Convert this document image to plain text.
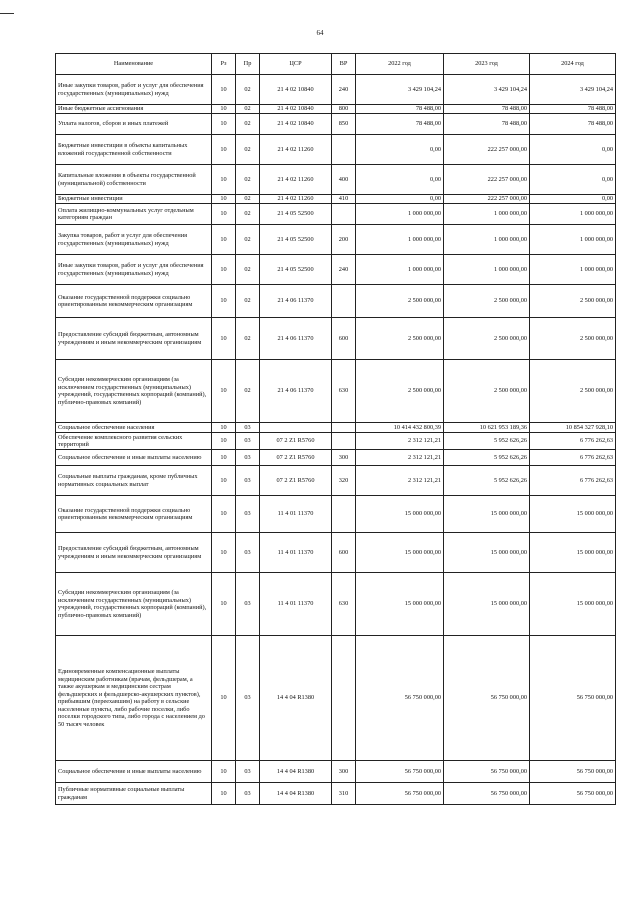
64
Наименование	Рз	Пр	ЦСР	ВР	2022 год	2023 год	2024 год
Иные закупки товаров, работ и услуг для обеспечения государственных (муниципальных) нужд	10	02	21 4 02 10840	240	3 429 104,24	3 429 104,24	3 429 104,24
Иные бюджетные ассигнования	10	02	21 4 02 10840	800	78 488,00	78 488,00	78 488,00
Уплата налогов, сборов и иных платежей	10	02	21 4 02 10840	850	78 488,00	78 488,00	78 488,00
Бюджетные инвестиции в объекты капитальных вложений государственной собственности	10	02	21 4 02 11260		0,00	222 257 000,00	0,00
Капитальные вложения в объекты государственной (муниципальной) собственности	10	02	21 4 02 11260	400	0,00	222 257 000,00	0,00
Бюджетные инвестиции	10	02	21 4 02 11260	410	0,00	222 257 000,00	0,00
Оплата жилищно-коммунальных услуг отдельным категориям граждан	10	02	21 4 05 52500		1 000 000,00	1 000 000,00	1 000 000,00
Закупка товаров, работ и услуг для обеспечения государственных (муниципальных) нужд	10	02	21 4 05 52500	200	1 000 000,00	1 000 000,00	1 000 000,00
Иные закупки товаров, работ и услуг для обеспечения государственных (муниципальных) нужд	10	02	21 4 05 52500	240	1 000 000,00	1 000 000,00	1 000 000,00
Оказание государственной поддержки социально ориентированным некоммерческим организациям	10	02	21 4 06 11370		2 500 000,00	2 500 000,00	2 500 000,00
Предоставление субсидий бюджетным, автономным учреждениям и иным некоммерческим организациям	10	02	21 4 06 11370	600	2 500 000,00	2 500 000,00	2 500 000,00
Субсидии некоммерческим организациям (за исключением государственных (муниципальных) учреждений, государственных корпораций (компаний), публично-правовых компаний)	10	02	21 4 06 11370	630	2 500 000,00	2 500 000,00	2 500 000,00
Социальное обеспечение населения	10	03			10 414 432 800,39	10 621 953 189,36	10 854 327 928,10
Обеспечение комплексного развития сельских территорий	10	03	07 2 Z1 R5760		2 312 121,21	5 952 626,26	6 776 262,63
Социальное обеспечение и иные выплаты населению	10	03	07 2 Z1 R5760	300	2 312 121,21	5 952 626,26	6 776 262,63
Социальные выплаты гражданам, кроме публичных нормативных социальных выплат	10	03	07 2 Z1 R5760	320	2 312 121,21	5 952 626,26	6 776 262,63
Оказание государственной поддержки социально ориентированным некоммерческим организациям	10	03	11 4 01 11370		15 000 000,00	15 000 000,00	15 000 000,00
Предоставление субсидий бюджетным, автономным учреждениям и иным некоммерческим организациям	10	03	11 4 01 11370	600	15 000 000,00	15 000 000,00	15 000 000,00
Субсидии некоммерческим организациям (за исключением государственных (муниципальных) учреждений, государственных корпораций (компаний), публично-правовых компаний)	10	03	11 4 01 11370	630	15 000 000,00	15 000 000,00	15 000 000,00
Единовременные компенсационные выплаты медицинским работникам (врачам, фельдшерам, а также акушеркам и медицинским сестрам фельдшерских и фельдшерско-акушерских пунктов), прибывшим (переехавшим) на работу в сельские населенные пункты, либо рабочие поселки, либо поселки городского типа, либо города с населением до 50 тысяч человек	10	03	14 4 04 R1380		56 750 000,00	56 750 000,00	56 750 000,00
Социальное обеспечение и иные выплаты населению	10	03	14 4 04 R1380	300	56 750 000,00	56 750 000,00	56 750 000,00
Публичные нормативные социальные выплаты гражданам	10	03	14 4 04 R1380	310	56 750 000,00	56 750 000,00	56 750 000,00
